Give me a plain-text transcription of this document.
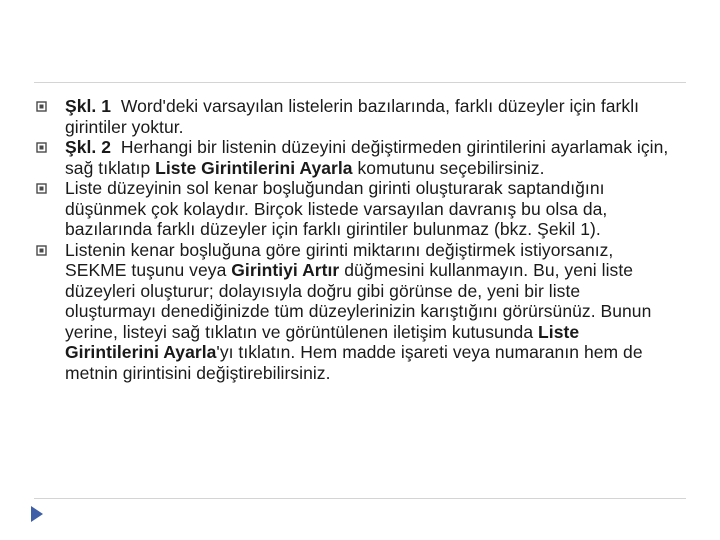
Şkl. 1  Word'deki varsayılan listelerin bazılarında, farklı düzeyler için farklı girintiler yoktur.
Şkl. 2  Herhangi bir listenin düzeyini değiştirmeden girintilerini ayarlamak için, sağ tıklatıp Liste Girintilerini Ayarla komutunu seçebilirsiniz.
Liste düzeyinin sol kenar boşluğundan girinti oluşturarak saptandığını düşünmek çok kolaydır. Birçok listede varsayılan davranış bu olsa da, bazılarında farklı düzeyler için farklı girintiler bulunmaz (bkz. Şekil 1).
Listenin kenar boşluğuna göre girinti miktarını değiştirmek istiyorsanız, SEKME tuşunu veya Girintiyi Artır düğmesini kullanmayın. Bu, yeni liste düzeyleri oluşturur; dolayısıyla doğru gibi görünse de, yeni bir liste oluşturmayı denediğinizde tüm düzeylerinizin karıştığını görürsünüz. Bunun yerine, listeyi sağ tıklatın ve görüntülenen iletişim kutusunda Liste Girintilerini Ayarla'yı tıklatın. Hem madde işareti veya numaranın hem de metnin girintisini değiştirebilirsiniz.
